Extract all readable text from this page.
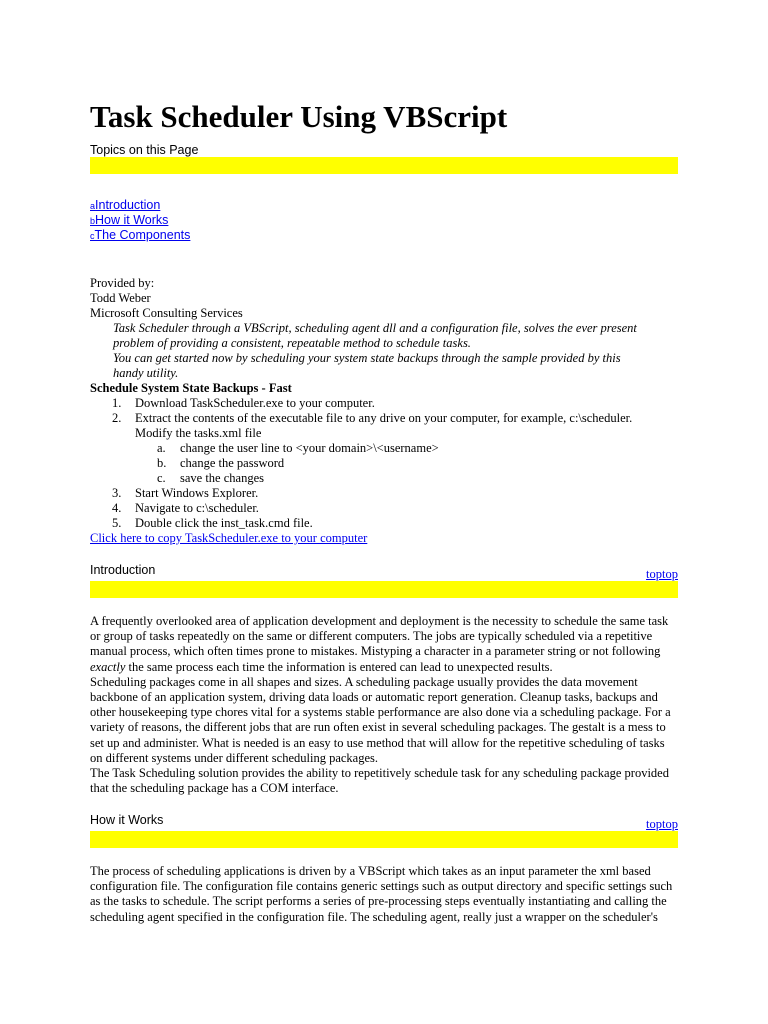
Task Scheduler Using VBScript
Topics on this Page
aIntroduction
bHow it Works
cThe Components
Provided by:
Todd Weber
Microsoft Consulting Services
Task Scheduler through a VBScript, scheduling agent dll and a configuration file, solves the ever present problem of providing a consistent, repeatable method to schedule tasks.
You can get started now by scheduling your system state backups through the sample provided by this handy utility.
Schedule System State Backups - Fast
1. Download TaskScheduler.exe to your computer.
2. Extract the contents of the executable file to any drive on your computer, for example, c:\scheduler.
Modify the tasks.xml file
a. change the user line to <your domain>\<username>
b. change the password
c. save the changes
3. Start Windows Explorer.
4. Navigate to c:\scheduler.
5. Double click the inst_task.cmd file.
Click here to copy TaskScheduler.exe to your computer
Introduction	toptop

A frequently overlooked area of application development and deployment is the necessity to schedule the same task or group of tasks repeatedly on the same or different computers. The jobs are typically scheduled via a repetitive manual process, which often times prone to mistakes. Mistyping a character in a parameter string or not following exactly the same process each time the information is entered can lead to unexpected results.

Scheduling packages come in all shapes and sizes. A scheduling package usually provides the data movement backbone of an application system, driving data loads or automatic report generation. Cleanup tasks, backups and other housekeeping type chores vital for a systems stable performance are also done via a scheduling package. For a variety of reasons, the different jobs that are run often exist in several scheduling packages. The gestalt is a mess to set up and administer. What is needed is an easy to use method that will allow for the repetitive scheduling of tasks on different systems under different scheduling packages.

The Task Scheduling solution provides the ability to repetitively schedule task for any scheduling package provided that the scheduling package has a COM interface.

How it Works	toptop

The process of scheduling applications is driven by a VBScript which takes as an input parameter the xml based configuration file. The configuration file contains generic settings such as output directory and specific settings such as the tasks to schedule. The script performs a series of pre-processing steps eventually instantiating and calling the scheduling agent specified in the configuration file. The scheduling agent, really just a wrapper on the scheduler's
